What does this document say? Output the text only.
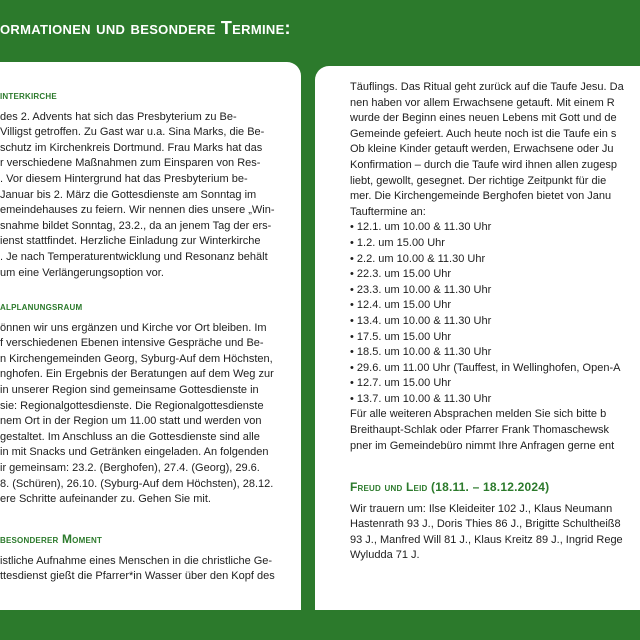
ormationen und besondere Termine:
interkirche
des 2. Advents hat sich das Presbyterium zu Be-
Villigst getroffen. Zu Gast war u.a. Sina Marks, die Be-
schutz im Kirchenkreis Dortmund. Frau Marks hat das
r verschiedene Maßnahmen zum Einsparen von Res-
. Vor diesem Hintergrund hat das Presbyterium be-
Januar bis 2. März die Gottesdienste am Sonntag im
emeindehauses zu feiern. Wir nennen dies unsere „Win-
snahme bildet Sonntag, 23.2., da an jenem Tag der ers-
ienst stattfindet. Herzliche Einladung zur Winterkirche
. Je nach Temperaturentwicklung und Resonanz behält
um eine Verlängerungsoption vor.
alplanungsraum
önnen wir uns ergänzen und Kirche vor Ort bleiben. Im
f verschiedenen Ebenen intensive Gespräche und Be-
n Kirchengemeinden Georg, Syburg-Auf dem Höchsten,
nghofen. Ein Ergebnis der Beratungen auf dem Weg zur
in unserer Region sind gemeinsame Gottesdienste in
sie: Regionalgottesdienste. Die Regionalgottesdienste
nem Ort in der Region um 11.00 statt und werden von
gestaltet. Im Anschluss an die Gottesdienste sind alle
in mit Snacks und Getränken eingeladen. An folgenden
ir gemeinsam: 23.2. (Berghofen), 27.4. (Georg), 29.6.
8. (Schüren), 26.10. (Syburg-Auf dem Höchsten), 28.12.
ere Schritte aufeinander zu. Gehen Sie mit.
besonderer Moment
istliche Aufnahme eines Menschen in die christliche Ge-
ttesdienst gießt die Pfarrer*in Wasser über den Kopf des
Täuflings. Das Ritual geht zurück auf die Taufe Jesu. Da
nen haben vor allem Erwachsene getauft. Mit einem R
wurde der Beginn eines neuen Lebens mit Gott und de
Gemeinde gefeiert. Auch heute noch ist die Taufe ein s
Ob kleine Kinder getauft werden, Erwachsene oder Ju
Konfirmation – durch die Taufe wird ihnen allen zugesp
liebt, gewollt, gesegnet. Der richtige Zeitpunkt für die
mer. Die Kirchengemeinde Berghofen bietet von Janu
Tauftermine an:
• 12.1. um 10.00 & 11.30 Uhr
• 1.2. um 15.00 Uhr
• 2.2. um 10.00 & 11.30 Uhr
• 22.3. um 15.00 Uhr
• 23.3. um 10.00 & 11.30 Uhr
• 12.4. um 15.00 Uhr
• 13.4. um 10.00 & 11.30 Uhr
• 17.5. um 15.00 Uhr
• 18.5. um 10.00 & 11.30 Uhr
• 29.6. um 11.00 Uhr (Tauffest, in Wellinghofen, Open-A
• 12.7. um 15.00 Uhr
• 13.7. um 10.00 & 11.30 Uhr
Für alle weiteren Absprachen melden Sie sich bitte b
Breithaupt-Schlak oder Pfarrer Frank Thomaschewsk
pner im Gemeindebüro nimmt Ihre Anfragen gerne ent
Freud und Leid (18.11. – 18.12.2024)
Wir trauern um: Ilse Kleideiter 102 J., Klaus Neumann
Hastenrath 93 J., Doris Thies 86 J., Brigitte Schultheiß8
93 J., Manfred Will 81 J., Klaus Kreitz 89 J., Ingrid Rege
Wyludda 71 J.
